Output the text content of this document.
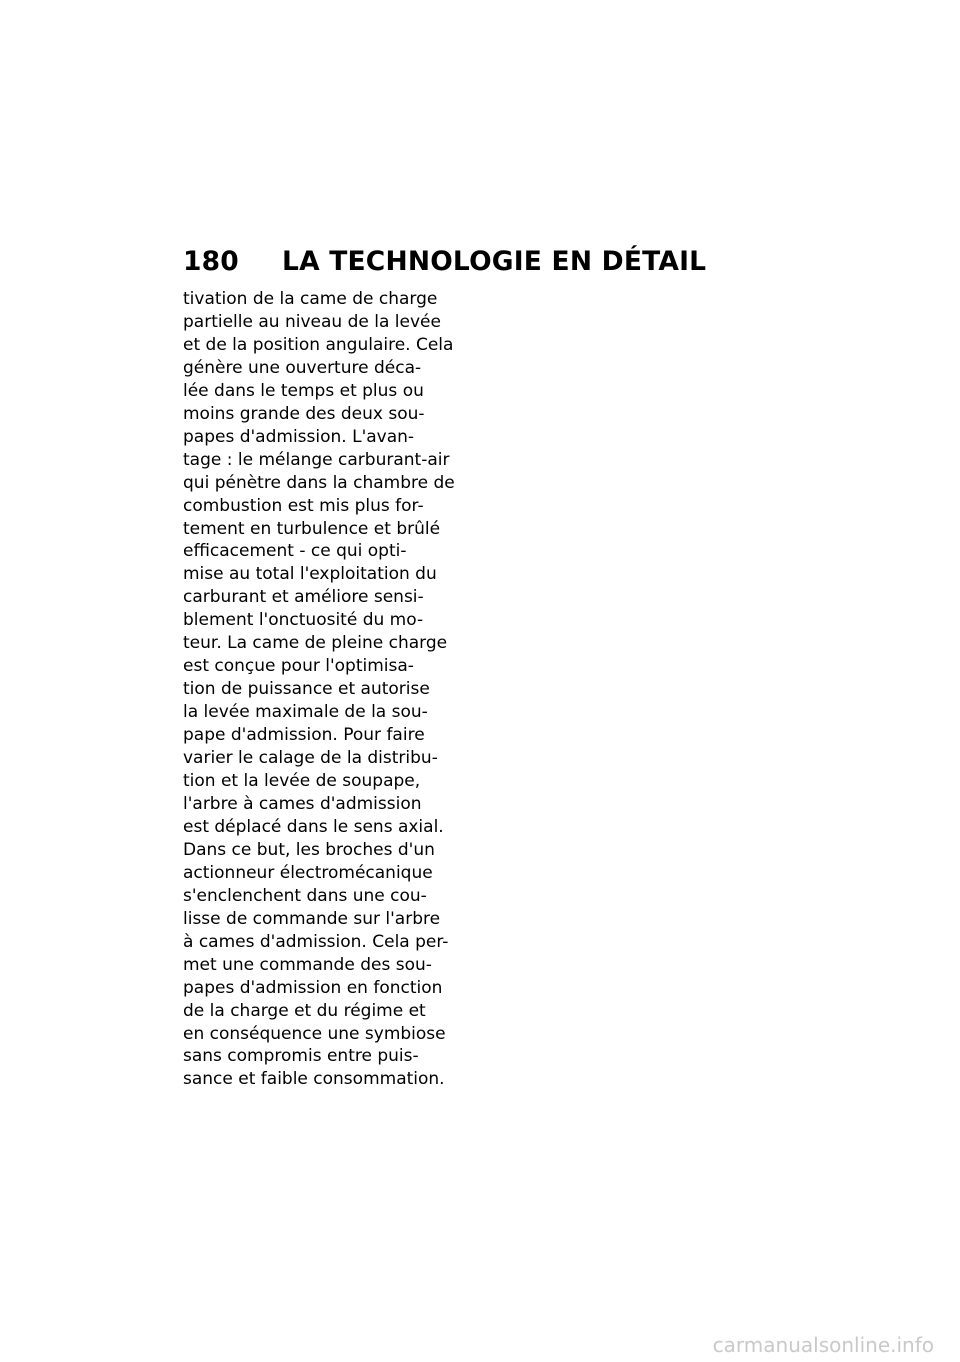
180 LA TECHNOLOGIE EN DÉTAIL
tivation de la came de charge
partielle au niveau de la levée
et de la position angulaire. Cela
génère une ouverture déca-
lée dans le temps et plus ou
moins grande des deux sou-
papes d'admission. L'avan-
tage : le mélange carburant-air
qui pénètre dans la chambre de
combustion est mis plus for-
tement en turbulence et brûlé
efficacement - ce qui opti-
mise au total l'exploitation du
carburant et améliore sensi-
blement l'onctuosité du mo-
teur. La came de pleine charge
est conçue pour l'optimisa-
tion de puissance et autorise
la levée maximale de la sou-
pape d'admission. Pour faire
varier le calage de la distribu-
tion et la levée de soupape,
l'arbre à cames d'admission
est déplacé dans le sens axial.
Dans ce but, les broches d'un
actionneur électromécanique
s'enclenchent dans une cou-
lisse de commande sur l'arbre
à cames d'admission. Cela per-
met une commande des sou-
papes d'admission en fonction
de la charge et du régime et
en conséquence une symbiose
sans compromis entre puis-
sance et faible consommation.
carmanualsonline.info
